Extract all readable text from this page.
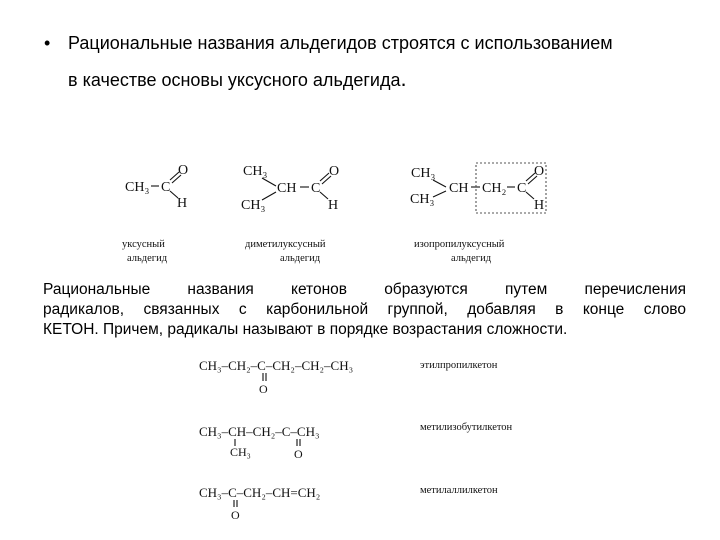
• Рациональные названия альдегидов строятся с использованием
в качестве основы уксусного альдегида.
CH₃ C
O
H
уксусный
альдегид
CH₃
CH C
O
CH₃	H
диметилуксусный
альдегид
CH₃
CH₃
CH CH₂ C
O
H
изопропилуксусный
альдегид
Рациональные названия кетонов образуются путем перечисления
радикалов, связанных с карбонильной группой, добавляя в конце слово
КЕТОН. Причем, радикалы называют в порядке возрастания сложности.
CH₃–CH₂–C–CH₂–CH₂–CH₃
O
этилпропилкетон
CH₃–CH–CH₂–C–CH₃
CH₃	O
метилизобутилкетон
CH₃–C–CH₂–CH=CH₂
O
метилаллилкетон
